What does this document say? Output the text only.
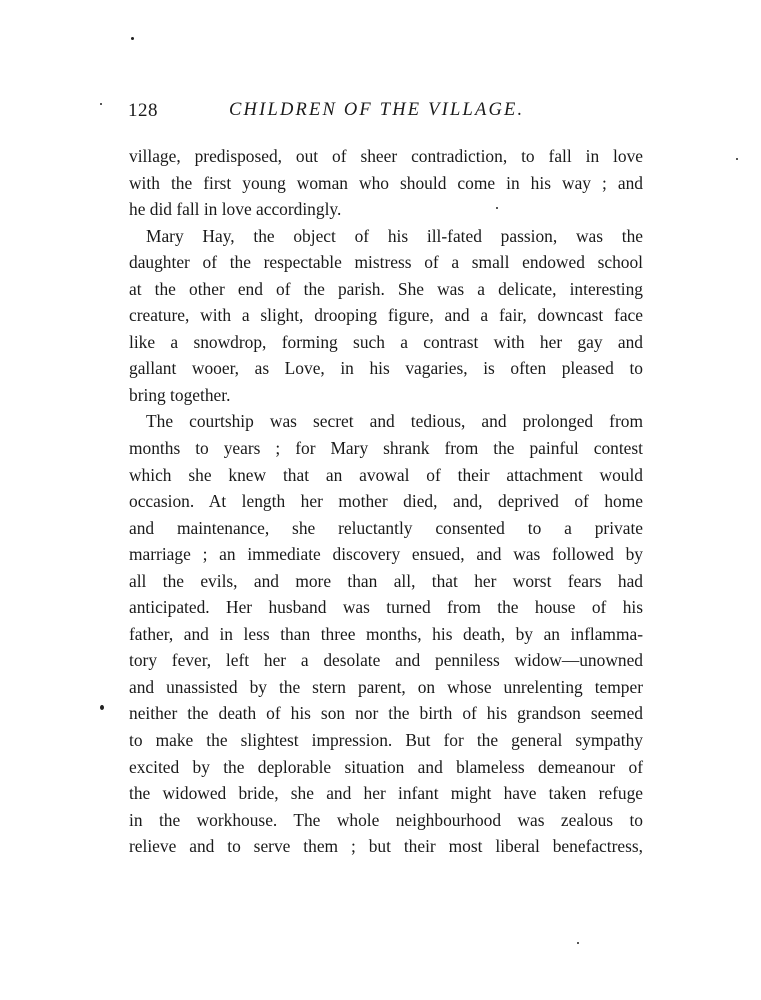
128	CHILDREN OF THE VILLAGE.
village, predisposed, out of sheer contradiction, to fall in love
with the first young woman who should come in his way ; and
he did fall in love accordingly.
Mary Hay, the object of his ill-fated passion, was the
daughter of the respectable mistress of a small endowed school
at the other end of the parish. She was a delicate, interesting
creature, with a slight, drooping figure, and a fair, downcast face
like a snowdrop, forming such a contrast with her gay and
gallant wooer, as Love, in his vagaries, is often pleased to
bring together.
The courtship was secret and tedious, and prolonged from
months to years ; for Mary shrank from the painful contest
which she knew that an avowal of their attachment would
occasion. At length her mother died, and, deprived of home
and maintenance, she reluctantly consented to a private
marriage ; an immediate discovery ensued, and was followed by
all the evils, and more than all, that her worst fears had
anticipated. Her husband was turned from the house of his
father, and in less than three months, his death, by an inflamma-
tory fever, left her a desolate and penniless widow—unowned
and unassisted by the stern parent, on whose unrelenting temper
neither the death of his son nor the birth of his grandson seemed
to make the slightest impression. But for the general sympathy
excited by the deplorable situation and blameless demeanour of
the widowed bride, she and her infant might have taken refuge
in the workhouse. The whole neighbourhood was zealous to
relieve and to serve them ; but their most liberal benefactress,
